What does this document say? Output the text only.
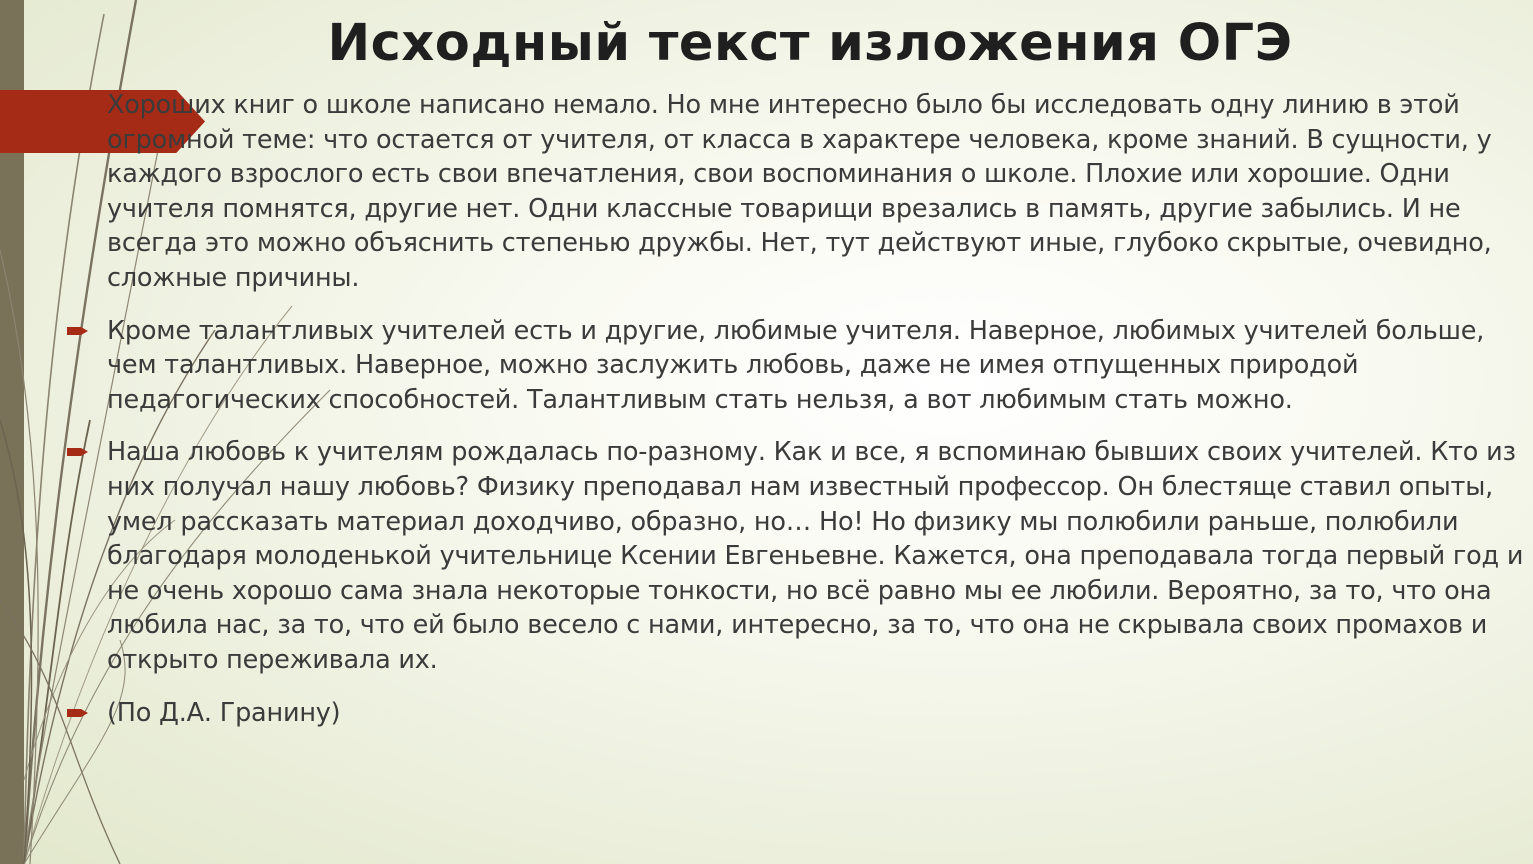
Исходный текст изложения ОГЭ

Хороших книг о школе написано немало. Но мне интересно было бы исследовать одну линию в этой огромной теме: что остается от учителя, от класса в характере человека, кроме знаний. В сущности, у каждого взрослого есть свои впечатления, свои воспоминания о школе. Плохие или хорошие. Одни учителя помнятся, другие нет. Одни классные товарищи врезались в память, другие забылись. И не всегда это можно объяснить степенью дружбы. Нет, тут действуют иные, глубоко скрытые, очевидно, сложные причины.

Кроме талантливых учителей есть и другие, любимые учителя. Наверное, любимых учителей больше, чем талантливых. Наверное, можно заслужить любовь, даже не имея отпущенных природой педагогических способностей. Талантливым стать нельзя, а вот любимым стать можно.

Наша любовь к учителям рождалась по-разному. Как и все, я вспоминаю бывших своих учителей. Кто из них получал нашу любовь? Физику преподавал нам известный профессор. Он блестяще ставил опыты, умел рассказать материал доходчиво, образно, но… Но! Но физику мы полюбили раньше, полюбили благодаря молоденькой учительнице Ксении Евгеньевне. Кажется, она преподавала тогда первый год и не очень хорошо сама знала некоторые тонкости, но всё равно мы ее любили. Вероятно, за то, что она любила нас, за то, что ей было весело с нами, интересно, за то, что она не скрывала своих промахов и открыто переживала их.

(По Д.А. Гранину)
